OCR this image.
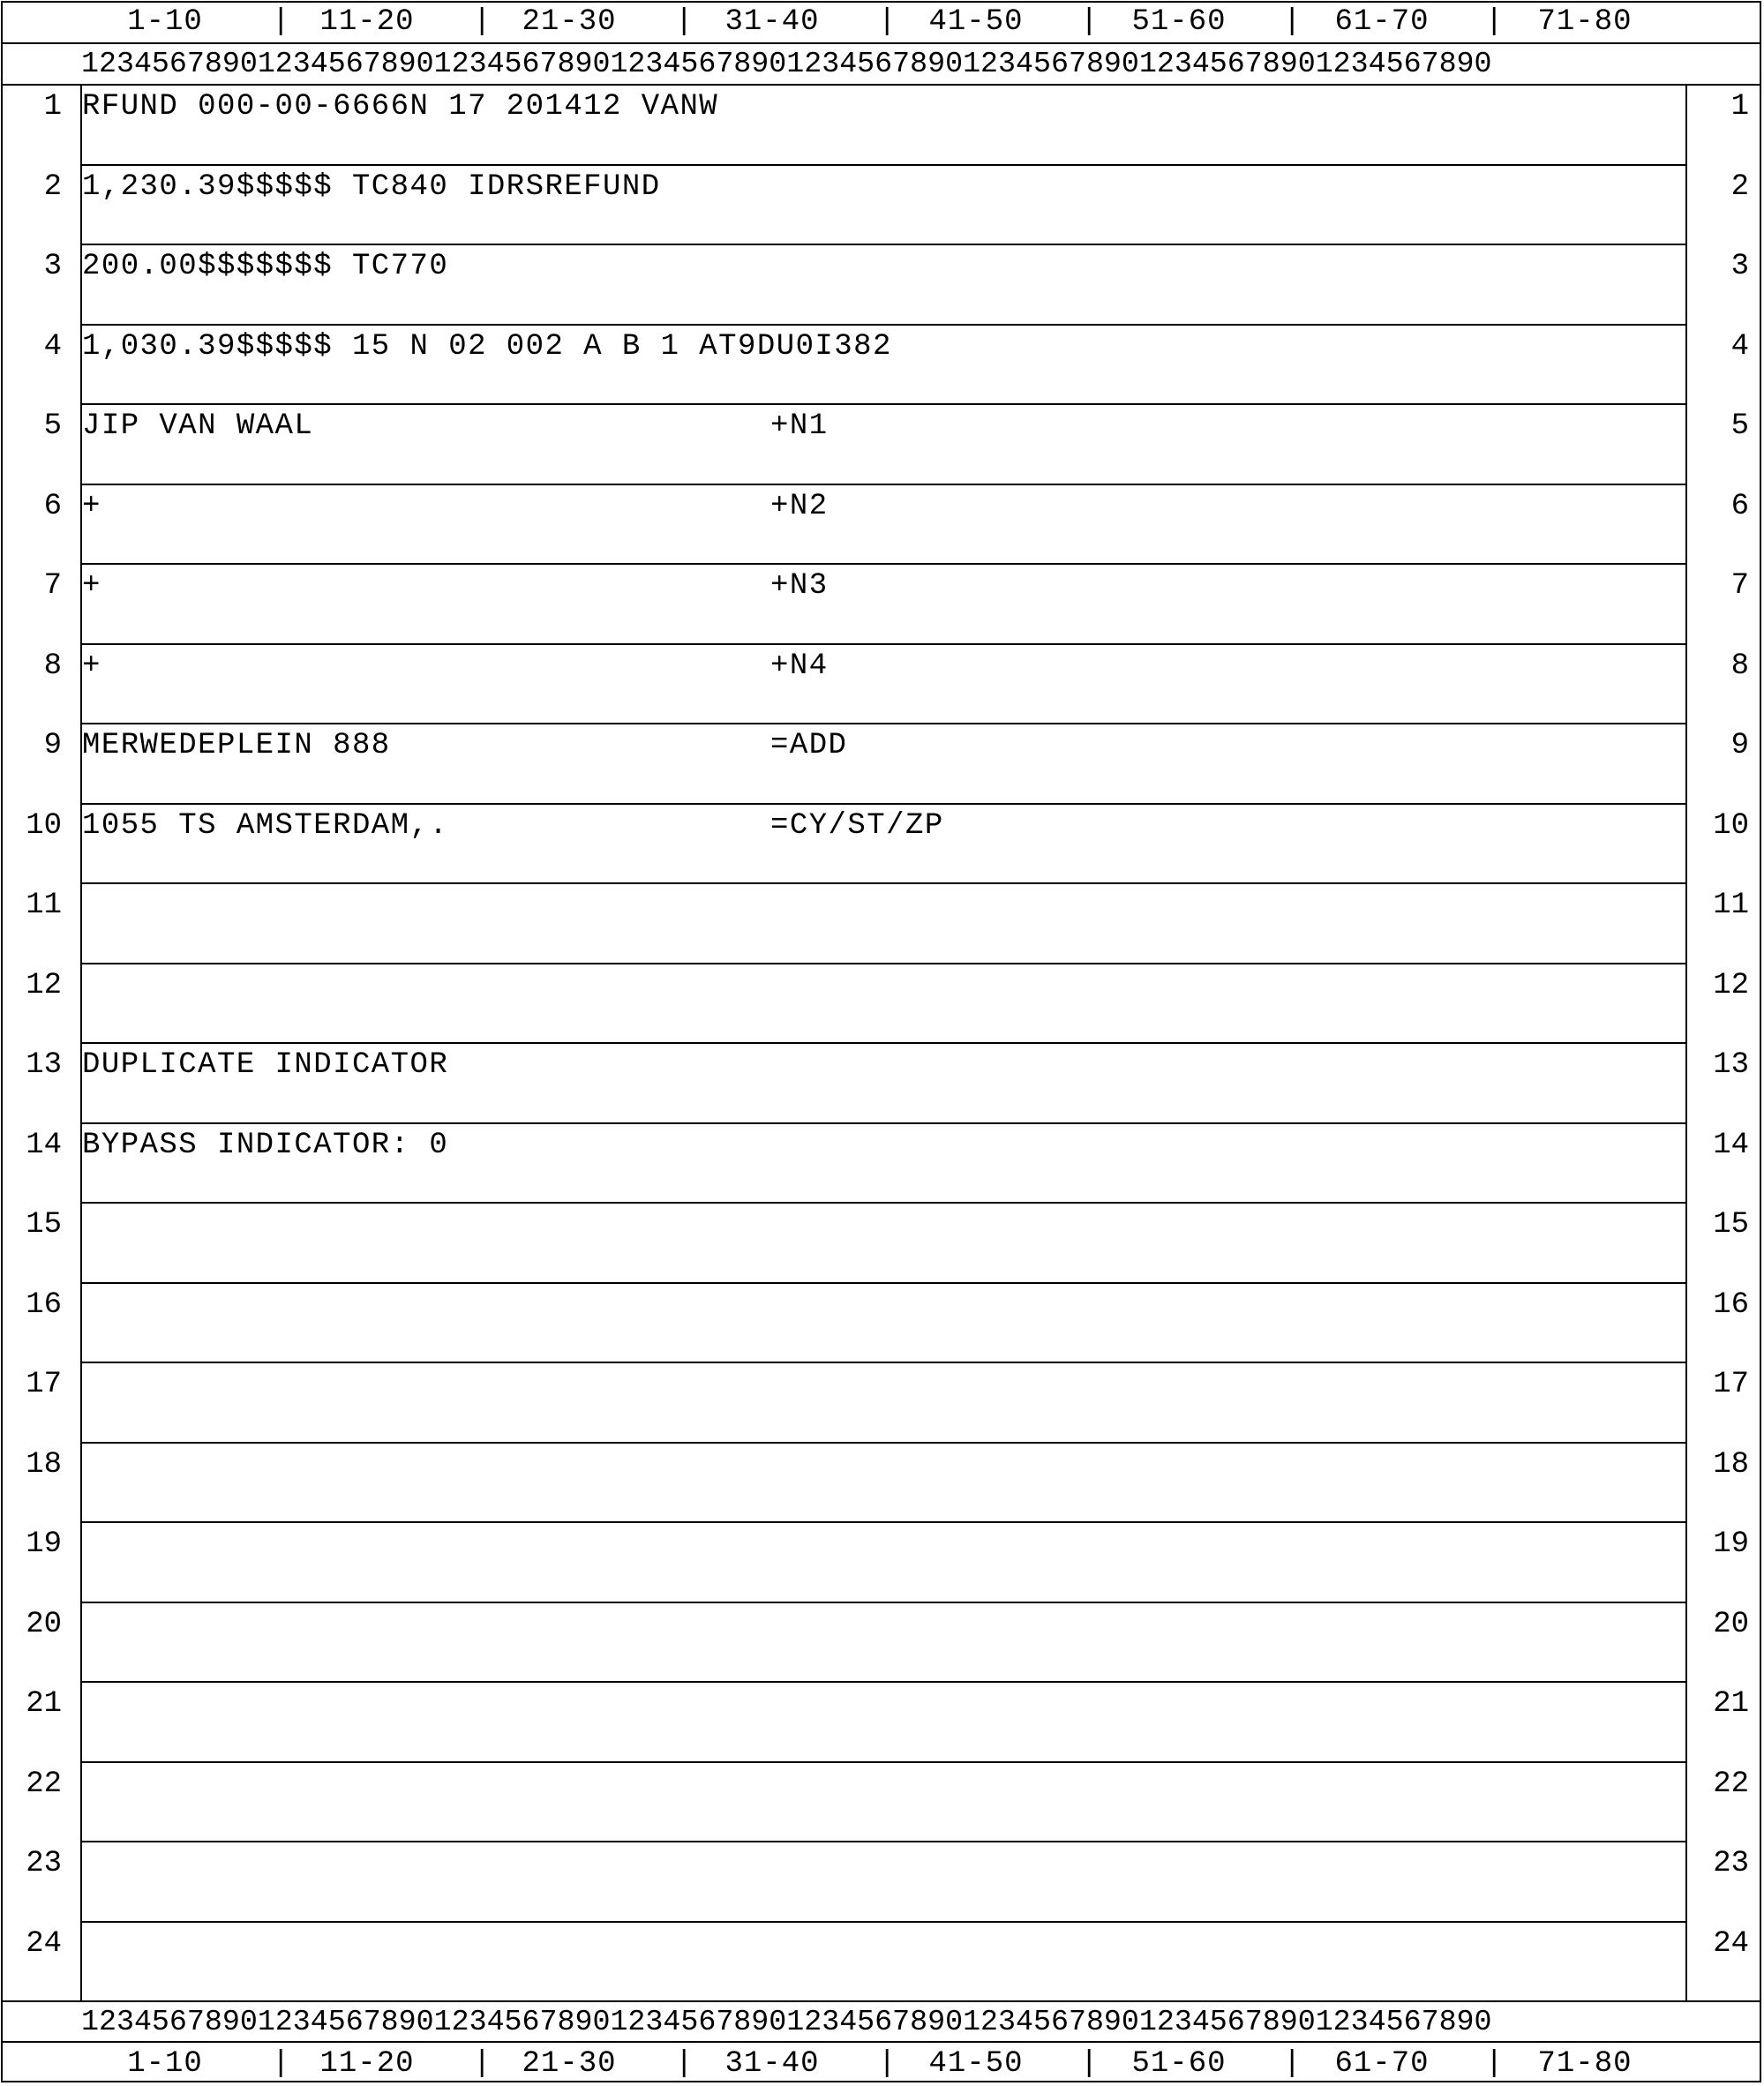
1-10	11-20	21-30	31-40	41-50	51-60	61-70	71-80
|	|	|	|	|	|	|
12345678901234567890123456789012345678901234567890123456789012345678901234567890
1 RFUND 000-00-6666N 17 201412 VANW	1
2 1,230.39$$$$$ TC840 IDRSREFUND	2
3 200.00$$$$$$$ TC770	3
4 1,030.39$$$$$ 15 N 02 002 A B 1 AT9DU0I382	4
5 JIP VAN WAAL	+N1	5
6 +	+N2	6
7 +	+N3	7
8 +	+N4	8
9 MERWEDEPLEIN 888	=ADD	9
10 1055 TS AMSTERDAM,.	=CY/ST/ZP	10
11	11
12	12
13 DUPLICATE INDICATOR	13
14 BYPASS INDICATOR: 0	14
15	15
16	16
17	17
18	18
19	19
20	20
21	21
22	22
23	23
24	24
12345678901234567890123456789012345678901234567890123456789012345678901234567890
1-10	11-20	21-30	31-40	41-50	51-60	61-70	71-80
|	|	|	|	|	|	|
